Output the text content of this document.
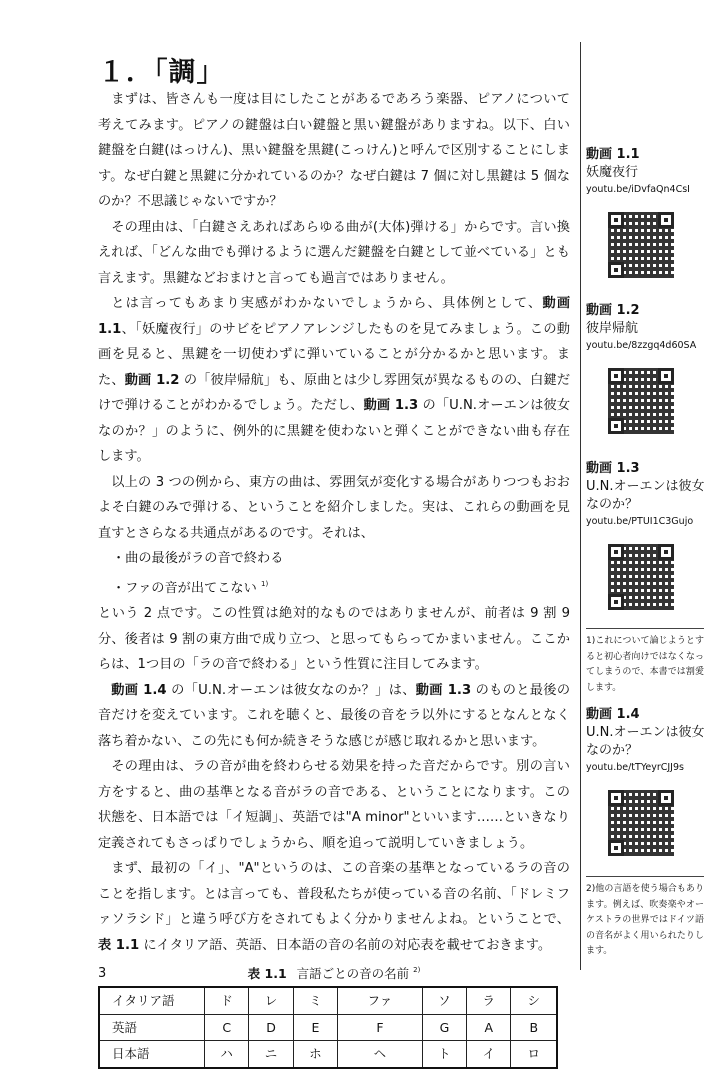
１．「調」

まずは、皆さんも一度は目にしたことがあるであろう楽器、ピアノについて考えてみます。ピアノの鍵盤は白い鍵盤と黒い鍵盤がありますね。以下、白い鍵盤を白鍵(はっけん)、黒い鍵盤を黒鍵(こっけん)と呼んで区別することにします。なぜ白鍵と黒鍵に分かれているのか？なぜ白鍵は 7 個に対し黒鍵は 5 個なのか？不思議じゃないですか？

その理由は、「白鍵さえあればあらゆる曲が(大体)弾ける」からです。言い換えれば、「どんな曲でも弾けるように選んだ鍵盤を白鍵として並べている」とも言えます。黒鍵などおまけと言っても過言ではありません。

とは言ってもあまり実感がわかないでしょうから、具体例として、動画 1.1、「妖魔夜行」のサビをピアノアレンジしたものを見てみましょう。この動画を見ると、黒鍵を一切使わずに弾いていることが分かるかと思います。また、動画 1.2 の「彼岸帰航」も、原曲とは少し雰囲気が異なるものの、白鍵だけで弾けることがわかるでしょう。ただし、動画 1.3 の「U.N.オーエンは彼女なのか？」のように、例外的に黒鍵を使わないと弾くことができない曲も存在します。

以上の 3 つの例から、東方の曲は、雰囲気が変化する場合がありつつもおおよそ白鍵のみで弾ける、ということを紹介しました。実は、これらの動画を見直すとさらなる共通点があるのです。それは、

・曲の最後がラの音で終わる

・ファの音が出てこない $^{1)}$

という 2 点です。この性質は絶対的なものではありませんが、前者は 9 割 9 分、後者は 9 割の東方曲で成り立つ、と思ってもらってかまいません。ここからは、1つ目の「ラの音で終わる」という性質に注目してみます。

動画 1.4 の「U.N.オーエンは彼女なのか？」は、動画 1.3 のものと最後の音だけを変えています。これを聴くと、最後の音をラ以外にするとなんとなく落ち着かない、この先にも何か続きそうな感じが感じ取れるかと思います。

その理由は、ラの音が曲を終わらせる効果を持った音だからです。別の言い方をすると、曲の基準となる音がラの音である、ということになります。この状態を、日本語では「イ短調」、英語では"A minor"といいます……といきなり定義されてもさっぱりでしょうから、順を追って説明していきましょう。

まず、最初の「イ」、"A"というのは、この音楽の基準となっているラの音のことを指します。とは言っても、普段私たちが使っている音の名前、「ドレミファソラシド」と違う呼び方をされてもよく分かりませんよね。ということで、表 1.1 にイタリア語、英語、日本語の音の名前の対応表を載せておきます。

表 1.1 言語ごとの音の名前 $^{2)}$
イタリア語	ド	レ	ミ	ファ	ソ	ラ	シ
英語	C	D	E	F	G	A	B
日本語	ハ	ニ	ホ	ヘ	ト	イ	ロ
3
動画 1.1
妖魔夜行
youtu.be/iDvfaQn4CsI
動画 1.2
彼岸帰航
youtu.be/8zzgq4d60SA
動画 1.3
U.N.オーエンは彼女なのか？
youtu.be/PTUI1C3Gujo
1)これについて論じようとすると初心者向けではなくなってしまうので、本書では割愛します。
動画 1.4
U.N.オーエンは彼女なのか？
youtu.be/tTYeyrCJJ9s
2)他の言語を使う場合もあります。例えば、吹奏楽やオーケストラの世界ではドイツ語の音名がよく用いられたりします。
